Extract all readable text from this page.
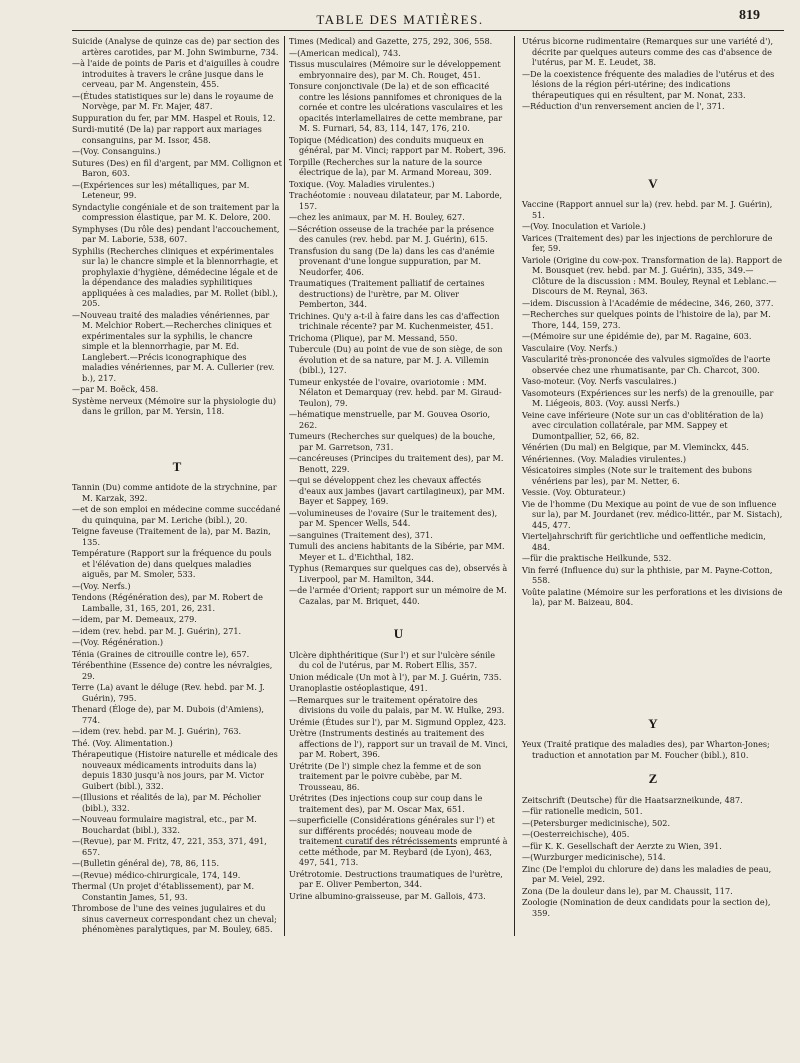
TABLE DES MATIÈRES.	819
Suicide (Analyse de quinze cas de) par section des artères carotides, par M. John Swimburne, 734.
—à l'aide de points de Paris et d'aiguilles à coudre introduites à travers le crâne jusque dans le cerveau, par M. Angenstein, 455.
—(Études statistiques sur le) dans le royaume de Norvège, par M. Fr. Majer, 487.
Suppuration du fer, par MM. Haspel et Rouis, 12.
Surdi-mutité (De la) par rapport aux mariages consanguins, par M. Issor, 458.
—(Voy. Consanguins.)
Sutures (Des) en fil d'argent, par MM. Collignon et Baron, 603.
—(Expériences sur les) métalliques, par M. Leteneur, 99.
Syndactylie congéniale et de son traitement par la compression élastique, par M. K. Delore, 200.
Symphyses (Du rôle des) pendant l'accouchement, par M. Laborie, 538, 607.
Syphilis (Recherches cliniques et expérimentales sur la) le chancre simple et la blennorrhagie, et prophylaxie d'hygiène, démédecine légale et de la dépendance des maladies syphilitiques appliquées à ces maladies, par M. Rollet (bibl.), 205.
—Nouveau traité des maladies vénériennes, par M. Melchior Robert.—Recherches cliniques et expérimentales sur la syphilis, le chancre simple et la blennorrhagie, par M. Ed. Langlebert.—Précis iconographique des maladies vénériennes, par M. A. Cullerier (rev. b.), 217.
—par M. Boëck, 458.
Système nerveux (Mémoire sur la physiologie du) dans le grillon, par M. Yersin, 118.
T
Tannin (Du) comme antidote de la strychnine, par M. Karzak, 392.
—et de son emploi en médecine comme succédané du quinquina, par M. Leriche (bibl.), 20.
Teigne faveuse (Traitement de la), par M. Bazin, 135.
Température (Rapport sur la fréquence du pouls et l'élévation de) dans quelques maladies aiguës, par M. Smoler, 533.
—(Voy. Nerfs.)
Tendons (Régénération des), par M. Robert de Lamballe, 31, 165, 201, 26, 231.
—idem, par M. Demeaux, 279.
—idem (rev. hebd. par M. J. Guérin), 271.
—(Voy. Régénération.)
Ténia (Graines de citrouille contre le), 657.
Térébenthine (Essence de) contre les névralgies, 29.
Terre (La) avant le déluge (Rev. hebd. par M. J. Guérin), 795.
Thenard (Éloge de), par M. Dubois (d'Amiens), 774.
—idem (rev. hebd. par M. J. Guérin), 763.
Thé. (Voy. Alimentation.)
Thérapeutique (Histoire naturelle et médicale des nouveaux médicaments introduits dans la) depuis 1830 jusqu'à nos jours, par M. Victor Guibert (bibl.), 332.
—(Illusions et réalités de la), par M. Pécholier (bibl.), 332.
—Nouveau formulaire magistral, etc., par M. Bouchardat (bibl.), 332.
—(Revue), par M. Fritz, 47, 221, 353, 371, 491, 657.
—(Bulletin général de), 78, 86, 115.
—(Revue) médico-chirurgicale, 174, 149.
Thermal (Un projet d'établissement), par M. Constantin James, 51, 93.
Thrombose de l'une des veines jugulaires et du sinus caverneux correspondant chez un cheval; phénomènes paralytiques, par M. Bouley, 685.
Times (Medical) and Gazette, 275, 292, 306, 558.
—(American medical), 743.
Tissus musculaires (Mémoire sur le développement embryonnaire des), par M. Ch. Rouget, 451.
Tonsure conjonctivale (De la) et de son efficacité contre les lésions pannifomes et chroniques de la cornée et contre les ulcérations vasculaires et les opacités interlamellaires de cette membrane, par M. S. Furnari, 54, 83, 114, 147, 176, 210.
Topique (Médication) des conduits muqueux en général, par M. Vinci; rapport par M. Robert, 396.
Torpille (Recherches sur la nature de la source électrique de la), par M. Armand Moreau, 309.
Toxique. (Voy. Maladies virulentes.)
Trachéotomie : nouveau dilatateur, par M. Laborde, 157.
—chez les animaux, par M. H. Bouley, 627.
—Sécrétion osseuse de la trachée par la présence des canules (rev. hebd. par M. J. Guérin), 615.
Transfusion du sang (De la) dans les cas d'anémie provenant d'une longue suppuration, par M. Neudorfer, 406.
Traumatiques (Traitement palliatif de certaines destructions) de l'urètre, par M. Oliver Pemberton, 344.
Trichines. Qu'y a-t-il à faire dans les cas d'affection trichinale récente? par M. Kuchenmeister, 451.
Trichoma (Plique), par M. Messand, 550.
Tubercule (Du) au point de vue de son siège, de son évolution et de sa nature, par M. J. A. Villemin (bibl.), 127.
Tumeur enkystée de l'ovaire, ovariotomie : MM. Nélaton et Demarquay (rev. hebd. par M. Giraud-Teulon), 79.
—hématique menstruelle, par M. Gouvea Osorio, 262.
Tumeurs (Recherches sur quelques) de la bouche, par M. Garretson, 731.
—cancéreuses (Principes du traitement des), par M. Benott, 229.
—qui se développent chez les chevaux affectés d'eaux aux jambes (javart cartilagineux), par MM. Bayer et Sappey, 169.
—volumineuses de l'ovaire (Sur le traitement des), par M. Spencer Wells, 544.
—sanguines (Traitement des), 371.
Tumuli des anciens habitants de la Sibérie, par MM. Meyer et L. d'Eichthal, 182.
Typhus (Remarques sur quelques cas de), observés à Liverpool, par M. Hamilton, 344.
—de l'armée d'Orient; rapport sur un mémoire de M. Cazalas, par M. Briquet, 440.
U
Ulcère diphthéritique (Sur l') et sur l'ulcère sénile du col de l'utérus, par M. Robert Ellis, 357.
Union médicale (Un mot à l'), par M. J. Guérin, 735.
Uranoplastie ostéoplastique, 491.
—Remarques sur le traitement opératoire des divisions du voile du palais, par M. W. Hulke, 293.
Urémie (Études sur l'), par M. Sigmund Opplez, 423.
Urètre (Instruments destinés au traitement des affections de l'), rapport sur un travail de M. Vinci, par M. Robert, 396.
Urétrite (De l') simple chez la femme et de son traitement par le poivre cubèbe, par M. Trousseau, 86.
Urétrites (Des injections coup sur coup dans le traitement des), par M. Oscar Max, 651.
—superficielle (Considérations générales sur l') et sur différents procédés; nouveau mode de traitement curatif des rétrécissements emprunté à cette méthode, par M. Reybard (de Lyon), 463, 497, 541, 713.
Urétrotomie. Destructions traumatiques de l'urètre, par E. Oliver Pemberton, 344.
Urine albumino-graisseuse, par M. Gallois, 473.
Utérus bicorne rudimentaire (Remarques sur une variété d'), décrite par quelques auteurs comme des cas d'absence de l'utérus, par M. E. Leudet, 38.
—De la coexistence fréquente des maladies de l'utérus et des lésions de la région péri-utérine; des indications thérapeutiques qui en résultent, par M. Nonat, 233.
—Réduction d'un renversement ancien de l', 371.
V
Vaccine (Rapport annuel sur la) (rev. hebd. par M. J. Guérin), 51.
—(Voy. Inoculation et Variole.)
Varices (Traitement des) par les injections de perchlorure de fer, 59.
Variole (Origine du cow-pox. Transformation de la). Rapport de M. Bousquet (rev. hebd. par M. J. Guérin), 335, 349.—Clôture de la discussion : MM. Bouley, Reynal et Leblanc.—Discours de M. Reynal, 363.
—idem. Discussion à l'Académie de médecine, 346, 260, 377.
—Recherches sur quelques points de l'histoire de la), par M. Thore, 144, 159, 273.
—(Mémoire sur une épidémie de), par M. Ragaine, 603.
Vasculaire (Voy. Nerfs.)
Vascularité très-prononcée des valvules sigmoïdes de l'aorte observée chez une rhumatisante, par Ch. Charcot, 300.
Vaso-moteur. (Voy. Nerfs vasculaires.)
Vasomoteurs (Expériences sur les nerfs) de la grenouille, par M. Liégeois, 803. (Voy. aussi Nerfs.)
Veine cave inférieure (Note sur un cas d'oblitération de la) avec circulation collatérale, par MM. Sappey et Dumontpallier, 52, 66, 82.
Vénérien (Du mal) en Belgique, par M. Vleminckx, 445.
Vénériennes. (Voy. Maladies virulentes.)
Vésicatoires simples (Note sur le traitement des bubons vénériens par les), par M. Netter, 6.
Vessie. (Voy. Obturateur.)
Vie de l'homme (Du Mexique au point de vue de son influence sur la), par M. Jourdanet (rev. médico-littér., par M. Sistach), 445, 477.
Vierteljahrschrift für gerichtliche und oeffentliche medicin, 484.
—für die praktische Heilkunde, 532.
Vin ferré (Influence du) sur la phthisie, par M. Payne-Cotton, 558.
Voûte palatine (Mémoire sur les perforations et les divisions de la), par M. Baizeau, 804.
Y
Yeux (Traité pratique des maladies des), par Wharton-Jones; traduction et annotation par M. Foucher (bibl.), 810.
Z
Zeitschrift (Deutsche) für die Haatsarzneikunde, 487.
—für rationelle medicin, 501.
—(Petersburger medicinische), 502.
—(Oesterreichische), 405.
—für K. K. Gesellschaft der Aerzte zu Wien, 391.
—(Wurzburger medicinische), 514.
Zinc (De l'emploi du chlorure de) dans les maladies de peau, par M. Veiel, 292.
Zona (De la douleur dans le), par M. Chaussit, 117.
Zoologie (Nomination de deux candidats pour la section de), 359.
